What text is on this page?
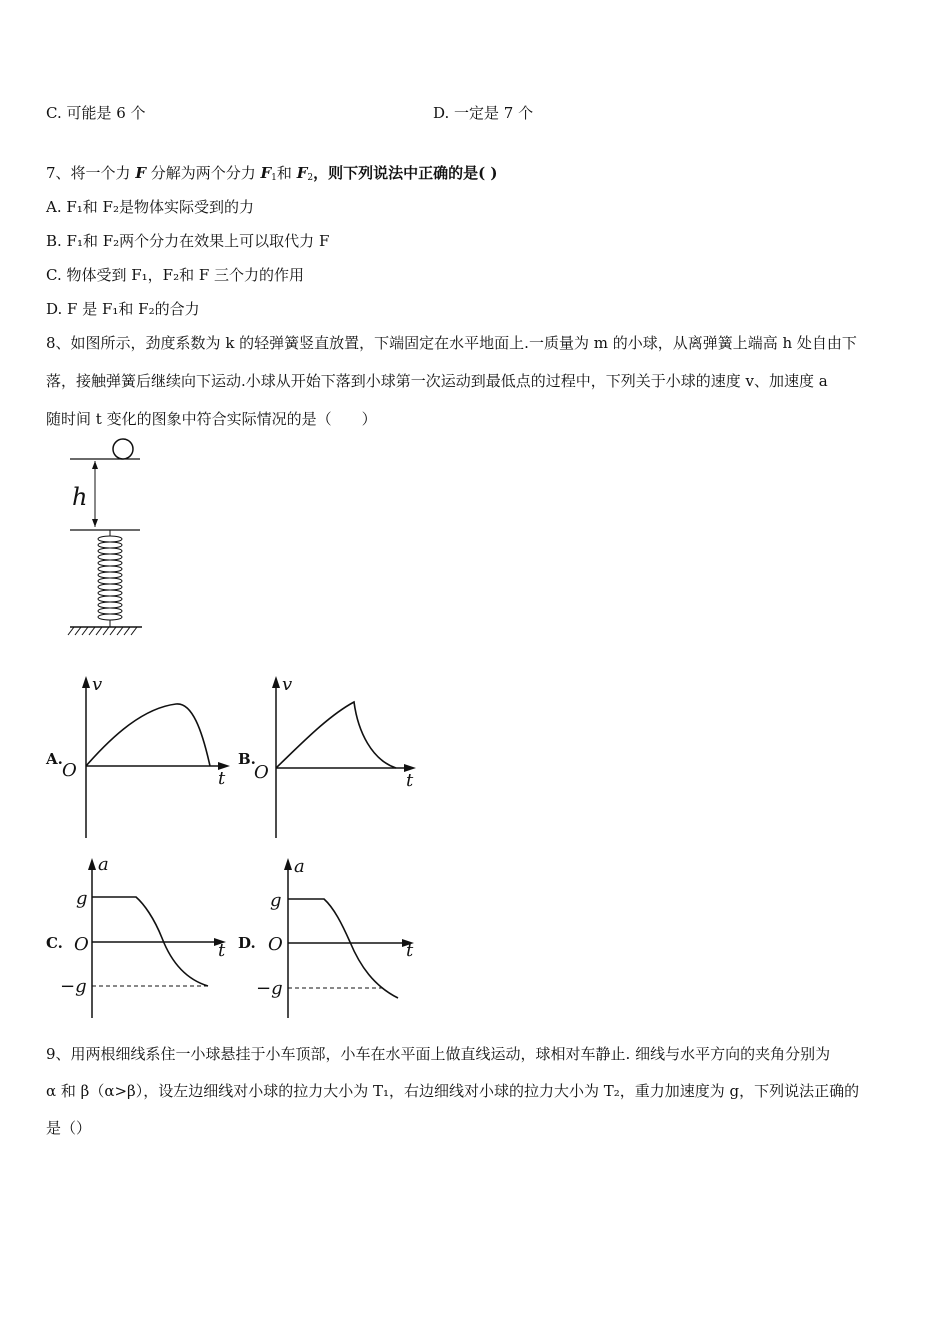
C. 可能是 6 个	D. 一定是 7 个
7、将一个力 F 分解为两个分力 $F_1$和 $F_2$，则下列说法中正确的是( )
A. F₁和 F₂是物体实际受到的力
B. F₁和 F₂两个分力在效果上可以取代力 F
C. 物体受到 F₁，F₂和 F 三个力的作用
D. F 是 F₁和 F₂的合力
8、如图所示，劲度系数为 k 的轻弹簧竖直放置，下端固定在水平地面上.一质量为 m 的小球，从离弹簧上端高 h 处自由下
落，接触弹簧后继续向下运动.小球从开始下落到小球第一次运动到最低点的过程中，下列关于小球的速度 v、加速度 a
随时间 t 变化的图象中符合实际情况的是（　　）
h
A.
v
t
O
B.
v
t
O
C.
a
t
O
g
−g
D.
a
t
O
g
−g
9、用两根细线系住一小球悬挂于小车顶部，小车在水平面上做直线运动，球相对车静止. 细线与水平方向的夹角分别为
α 和 β（α>β），设左边细线对小球的拉力大小为 T₁，右边细线对小球的拉力大小为 T₂，重力加速度为 g，下列说法正确的
是（）
